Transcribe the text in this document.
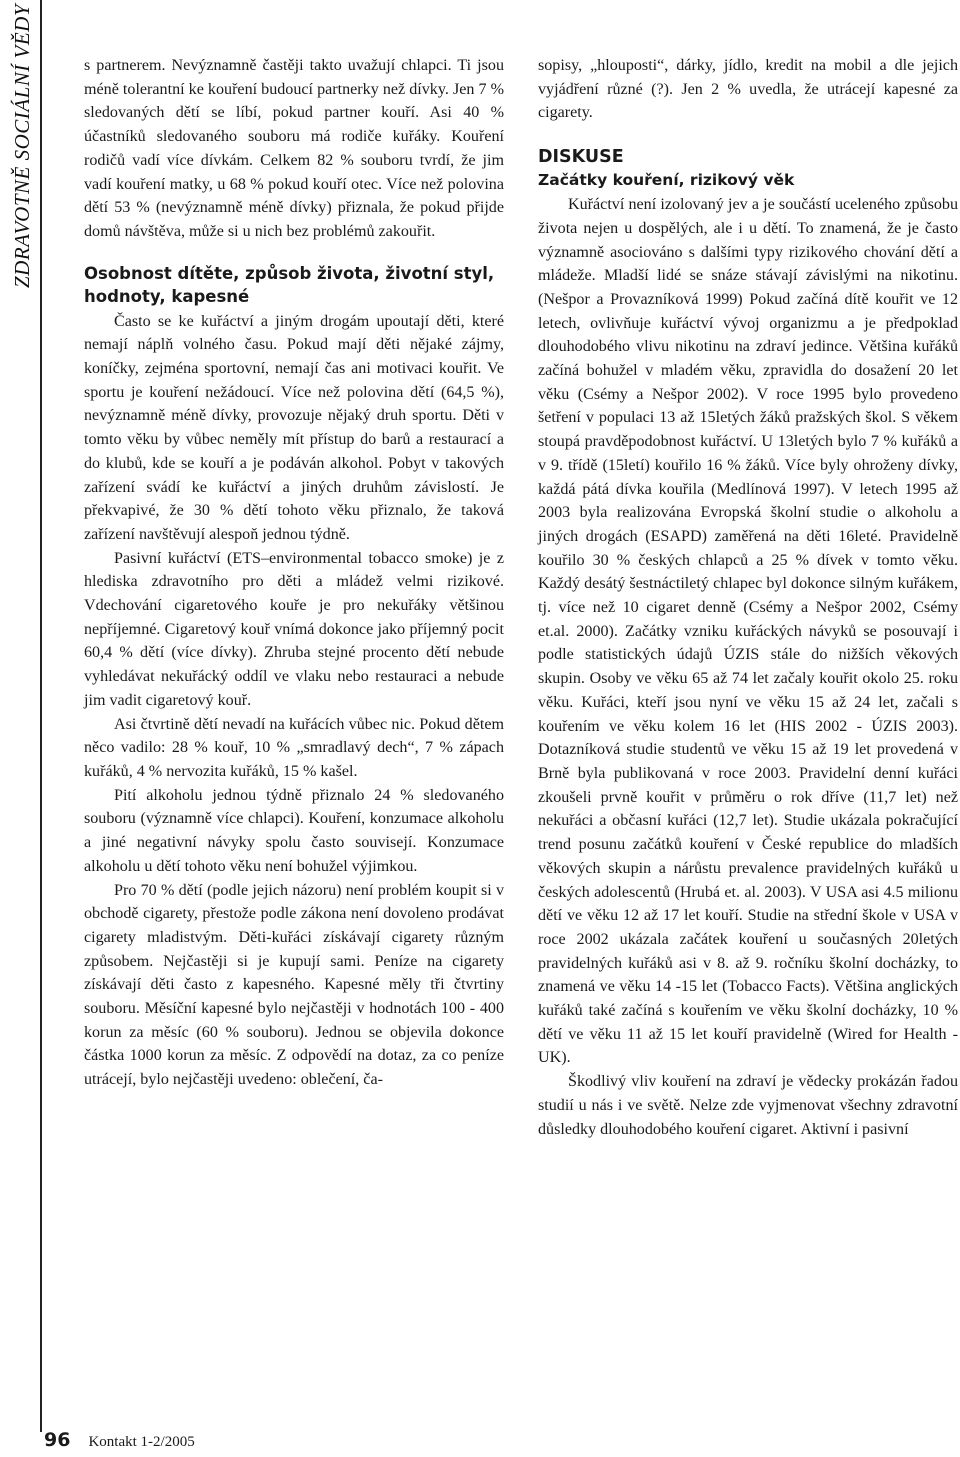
ZDRAVOTNĚ SOCIÁLNÍ VĚDY	s partnerem. Nevýznamně častěji takto uvažují chlapci. Ti jsou méně tolerantní ke kouření budoucí partnerky než dívky. Jen 7 % sledovaných dětí se líbí, pokud partner kouří. Asi 40 % účastníků sledovaného souboru má rodiče kuřáky. Kouření rodičů vadí více dívkám. Celkem 82 % souboru tvrdí, že jim vadí kouření matky, u 68 % pokud kouří otec. Více než polovina dětí 53 % (nevýznamně méně dívky) přiznala, že pokud přijde domů návštěva, může si u nich bez problémů zakouřit.

Osobnost dítěte, způsob života, životní styl, hodnoty, kapesné

Často se ke kuřáctví a jiným drogám upoutají děti, které nemají náplň volného času. Pokud mají děti nějaké zájmy, koníčky, zejména sportovní, nemají čas ani motivaci kouřit. Ve sportu je kouření nežádoucí. Více než polovina dětí (64,5 %), nevýznamně méně dívky, provozuje nějaký druh sportu. Děti v tomto věku by vůbec neměly mít přístup do barů a restaurací a do klubů, kde se kouří a je podáván alkohol. Pobyt v takových zařízení svádí ke kuřáctví a jiných druhům závislostí. Je překvapivé, že 30 % dětí tohoto věku přiznalo, že taková zařízení navštěvují alespoň jednou týdně.

Pasivní kuřáctví (ETS–environmental tobacco smoke) je z hlediska zdravotního pro děti a mládež velmi rizikové. Vdechování cigaretového kouře je pro nekuřáky většinou nepříjemné. Cigaretový kouř vnímá dokonce jako příjemný pocit 60,4 % dětí (více dívky). Zhruba stejné procento dětí nebude vyhledávat nekuřácký oddíl ve vlaku nebo restauraci a nebude jim vadit cigaretový kouř.

Asi čtvrtině dětí nevadí na kuřácích vůbec nic. Pokud dětem něco vadilo: 28 % kouř, 10 % „smradlavý dech“, 7 % zápach kuřáků, 4 % nervozita kuřáků, 15 % kašel.

Pití alkoholu jednou týdně přiznalo 24 % sledovaného souboru (významně více chlapci). Kouření, konzumace alkoholu a jiné negativní návyky spolu často souvisejí. Konzumace alkoholu u dětí tohoto věku není bohužel výjimkou.

Pro 70 % dětí (podle jejich názoru) není problém koupit si v obchodě cigarety, přestože podle zákona není dovoleno prodávat cigarety mladistvým. Děti-kuřáci získávají cigarety různým způsobem. Nejčastěji si je kupují sami. Peníze na cigarety získávají děti často z kapesného. Kapesné měly tři čtvrtiny souboru. Měsíční kapesné bylo nejčastěji v hodnotách 100 - 400 korun za měsíc (60 % souboru). Jednou se objevila dokonce částka 1000 korun za měsíc. Z odpovědí na dotaz, za co peníze utrácejí, bylo nejčastěji uvedeno: oblečení, ča-

sopisy, „hlouposti“, dárky, jídlo, kredit na mobil a dle jejich vyjádření různé (?). Jen 2 % uvedla, že utrácejí kapesné za cigarety.

DISKUSE
Začátky kouření, rizikový věk

Kuřáctví není izolovaný jev a je součástí uceleného způsobu života nejen u dospělých, ale i u dětí. To znamená, že je často významně asociováno s dalšími typy rizikového chování dětí a mládeže. Mladší lidé se snáze stávají závislými na nikotinu. (Nešpor a Provazníková 1999) Pokud začíná dítě kouřit ve 12 letech, ovlivňuje kuřáctví vývoj organizmu a je předpoklad dlouhodobého vlivu nikotinu na zdraví jedince. Většina kuřáků začíná bohužel v mladém věku, zpravidla do dosažení 20 let věku (Csémy a Nešpor 2002). V roce 1995 bylo provedeno šetření v populaci 13 až 15letých žáků pražských škol. S věkem stoupá pravděpodobnost kuřáctví. U 13letých bylo 7 % kuřáků a v 9. třídě (15letí) kouřilo 16 % žáků. Více byly ohroženy dívky, každá pátá dívka kouřila (Medlínová 1997). V letech 1995 až 2003 byla realizována Evropská školní studie o alkoholu a jiných drogách (ESAPD) zaměřená na děti 16leté. Pravidelně kouřilo 30 % českých chlapců a 25 % dívek v tomto věku. Každý desátý šestnáctiletý chlapec byl dokonce silným kuřákem, tj. více než 10 cigaret denně (Csémy a Nešpor 2002, Csémy et.al. 2000). Začátky vzniku kuřáckých návyků se posouvají i podle statistických údajů ÚZIS stále do nižších věkových skupin. Osoby ve věku 65 až 74 let začaly kouřit okolo 25. roku věku. Kuřáci, kteří jsou nyní ve věku 15 až 24 let, začali s kouřením ve věku kolem 16 let (HIS 2002 - ÚZIS 2003). Dotazníková studie studentů ve věku 15 až 19 let provedená v Brně byla publikovaná v roce 2003. Pravidelní denní kuřáci zkoušeli prvně kouřit v průměru o rok dříve (11,7 let) než nekuřáci a občasní kuřáci (12,7 let). Studie ukázala pokračující trend posunu začátků kouření v České republice do mladších věkových skupin a nárůstu prevalence pravidelných kuřáků u českých adolescentů (Hrubá et. al. 2003). V USA asi 4.5 milionu dětí ve věku 12 až 17 let kouří. Studie na střední škole v USA v roce 2002 ukázala začátek kouření u současných 20letých pravidelných kuřáků asi v 8. až 9. ročníku školní docházky, to znamená ve věku 14 -15 let (Tobacco Facts). Většina anglických kuřáků také začíná s kouřením ve věku školní docházky, 10 % dětí ve věku 11 až 15 let kouří pravidelně (Wired for Health -UK).

Škodlivý vliv kouření na zdraví je vědecky prokázán řadou studií u nás i ve světě. Nelze zde vyjmenovat všechny zdravotní důsledky dlouhodobého kouření cigaret. Aktivní i pasivní

96 Kontakt 1-2/2005
